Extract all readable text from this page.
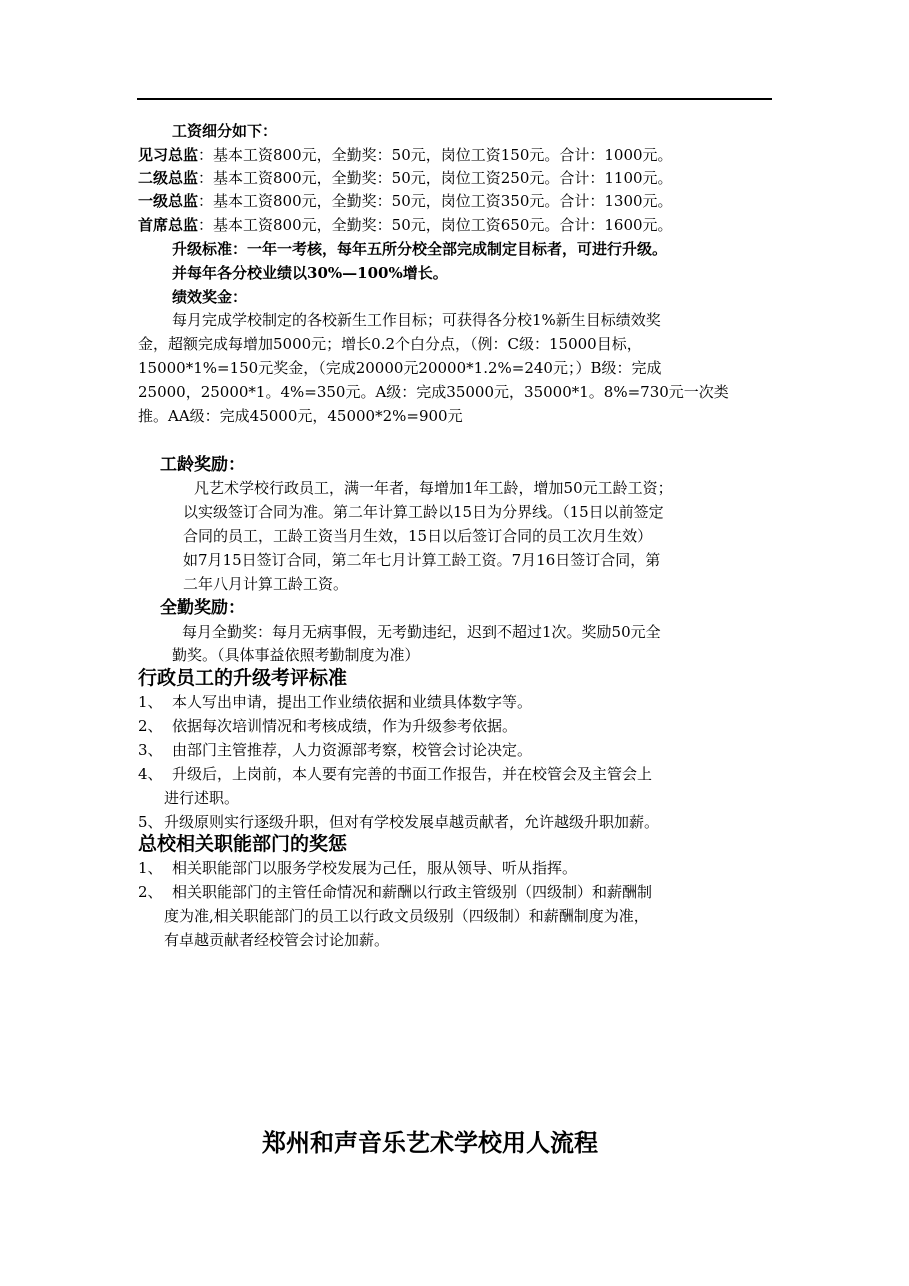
工资细分如下：
见习总监：基本工资800元，全勤奖：50元，岗位工资150元。合计：1000元。
二级总监：基本工资800元，全勤奖：50元，岗位工资250元。合计：1100元。
一级总监：基本工资800元，全勤奖：50元，岗位工资350元。合计：1300元。
首席总监：基本工资800元，全勤奖：50元，岗位工资650元。合计：1600元。
升级标准：一年一考核，每年五所分校全部完成制定目标者，可进行升级。
并每年各分校业绩以30%—100%增长。
绩效奖金：
每月完成学校制定的各校新生工作目标；可获得各分校1%新生目标绩效奖
金，超额完成每增加5000元；增长0.2个白分点，（例：C级：15000目标，
15000*1%=150元奖金，（完成20000元20000*1.2%=240元；）B级：完成
25000，25000*1。4%=350元。A级：完成35000元，35000*1。8%=730元一次类
推。AA级：完成45000元，45000*2%=900元
工龄奖励：
凡艺术学校行政员工，满一年者，每增加1年工龄，增加50元工龄工资；
以实级签订合同为准。第二年计算工龄以15日为分界线。（15日以前签定
合同的员工，工龄工资当月生效，15日以后签订合同的员工次月生效）
如7月15日签订合同，第二年七月计算工龄工资。7月16日签订合同，第
二年八月计算工龄工资。
全勤奖励：
每月全勤奖：每月无病事假，无考勤违纪，迟到不超过1次。奖励50元全
勤奖。（具体事益依照考勤制度为准）
行政员工的升级考评标准
1、 本人写出申请，提出工作业绩依据和业绩具体数字等。
2、 依据每次培训情况和考核成绩，作为升级参考依据。
3、 由部门主管推荐，人力资源部考察，校管会讨论决定。
4、 升级后，上岗前，本人要有完善的书面工作报告，并在校管会及主管会上
进行述职。
5、 升级原则实行逐级升职，但对有学校发展卓越贡献者，允许越级升职加薪。
总校相关职能部门的奖惩
1、 相关职能部门以服务学校发展为己任，服从领导、听从指挥。
2、 相关职能部门的主管任命情况和薪酬以行政主管级别（四级制）和薪酬制
度为准,相关职能部门的员工以行政文员级别（四级制）和薪酬制度为准，
有卓越贡献者经校管会讨论加薪。
郑州和声音乐艺术学校用人流程
